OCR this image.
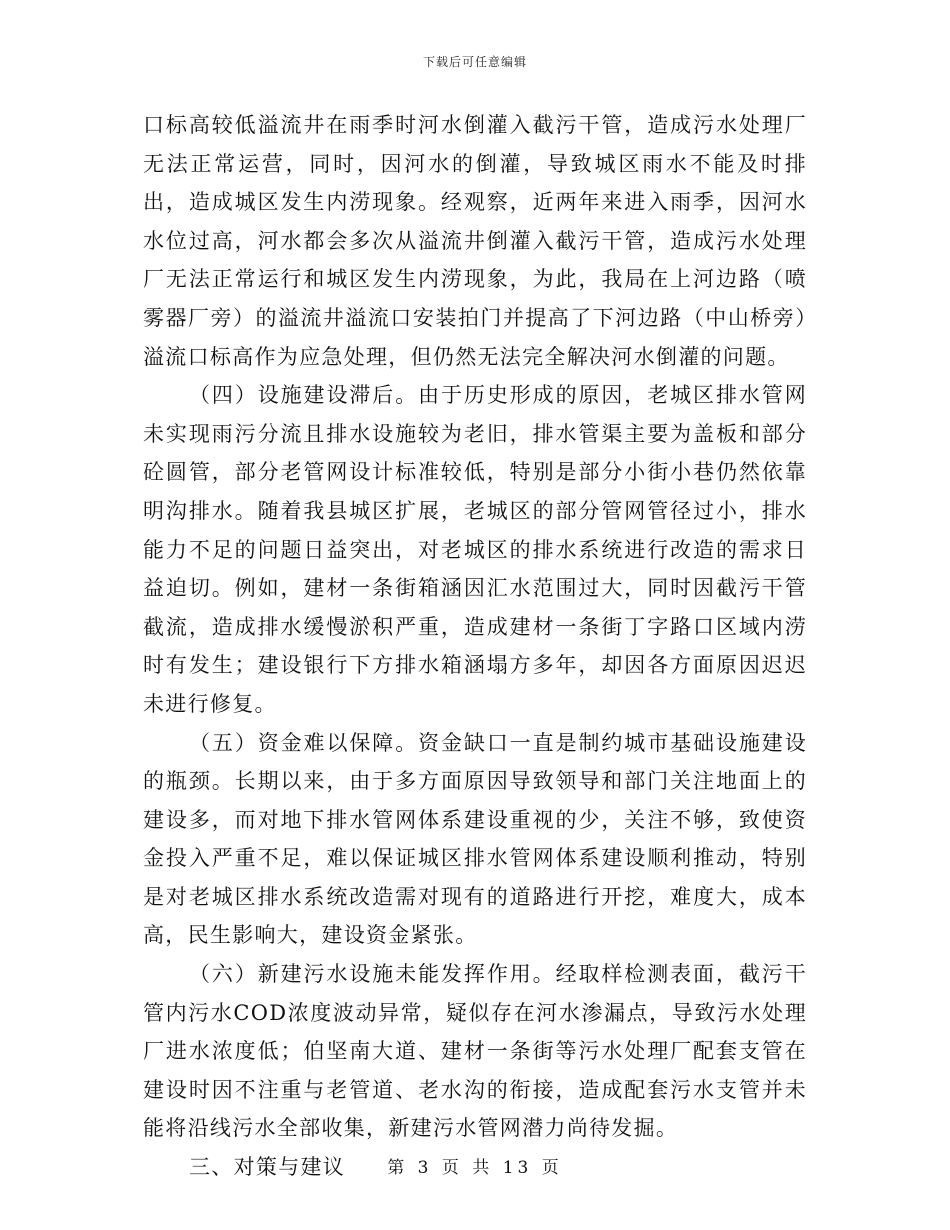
下载后可任意编辑

口标高较低溢流井在雨季时河水倒灌入截污干管，造成污水处理厂无法正常运营，同时，因河水的倒灌，导致城区雨水不能及时排出，造成城区发生内涝现象。经观察，近两年来进入雨季，因河水水位过高，河水都会多次从溢流井倒灌入截污干管，造成污水处理厂无法正常运行和城区发生内涝现象，为此，我局在上河边路（喷雾器厂旁）的溢流井溢流口安装拍门并提高了下河边路（中山桥旁）溢流口标高作为应急处理，但仍然无法完全解决河水倒灌的问题。

（四）设施建设滞后。由于历史形成的原因，老城区排水管网未实现雨污分流且排水设施较为老旧，排水管渠主要为盖板和部分砼圆管，部分老管网设计标准较低，特别是部分小街小巷仍然依靠明沟排水。随着我县城区扩展，老城区的部分管网管径过小，排水能力不足的问题日益突出，对老城区的排水系统进行改造的需求日益迫切。例如，建材一条街箱涵因汇水范围过大，同时因截污干管截流，造成排水缓慢淤积严重，造成建材一条街丁字路口区域内涝时有发生；建设银行下方排水箱涵塌方多年，却因各方面原因迟迟未进行修复。

（五）资金难以保障。资金缺口一直是制约城市基础设施建设的瓶颈。长期以来，由于多方面原因导致领导和部门关注地面上的建设多，而对地下排水管网体系建设重视的少，关注不够，致使资金投入严重不足，难以保证城区排水管网体系建设顺利推动，特别是对老城区排水系统改造需对现有的道路进行开挖，难度大，成本高，民生影响大，建设资金紧张。

（六）新建污水设施未能发挥作用。经取样检测表面，截污干管内污水COD浓度波动异常，疑似存在河水渗漏点，导致污水处理厂进水浓度低；伯坚南大道、建材一条街等污水处理厂配套支管在建设时因不注重与老管道、老水沟的衔接，造成配套污水支管并未能将沿线污水全部收集，新建污水管网潜力尚待发掘。

三、对策与建议	第 3 页 共 13 页
